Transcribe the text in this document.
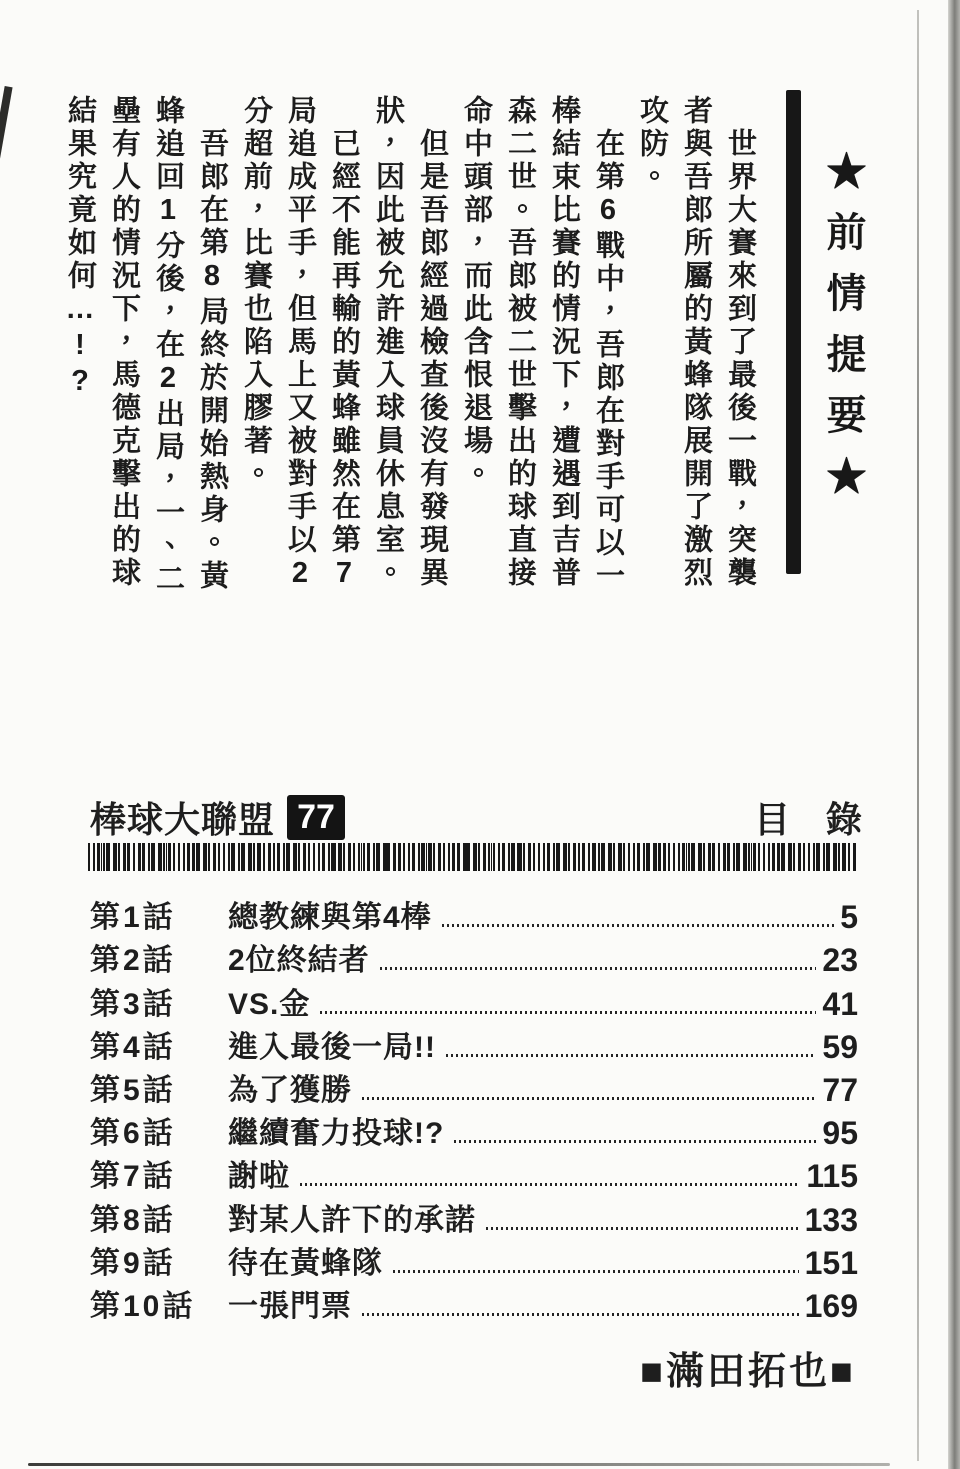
★前情提要★

世界大賽來到了最後一戰，突襲者與吾郎所屬的黃蜂隊展開了激烈攻防。

在第6戰中，吾郎在對手可以一棒結束比賽的情況下，遭遇到吉普森二世。吾郎被二世擊出的球直接命中頭部，而此含恨退場。

但是吾郎經過檢查後沒有發現異狀，因此被允許進入球員休息室。

已經不能再輸的黃蜂雖然在第7局追成平手，但馬上又被對手以2分超前，比賽也陷入膠著。

吾郎在第8局終於開始熱身。黃蜂追回1分後，在2出局，一、二壘有人的情況下，馬德克擊出的球結果究竟如何…!?

棒球大聯盟 77	目　錄
第1話	總教練與第4棒	5
第2話	2位終結者	23
第3話	VS.金	41
第4話	進入最後一局!!	59
第5話	為了獲勝	77
第6話	繼續奮力投球!?	95
第7話	謝啦	115
第8話	對某人許下的承諾	133
第9話	待在黃蜂隊	151
第10話	一張門票	169
■滿田拓也■
